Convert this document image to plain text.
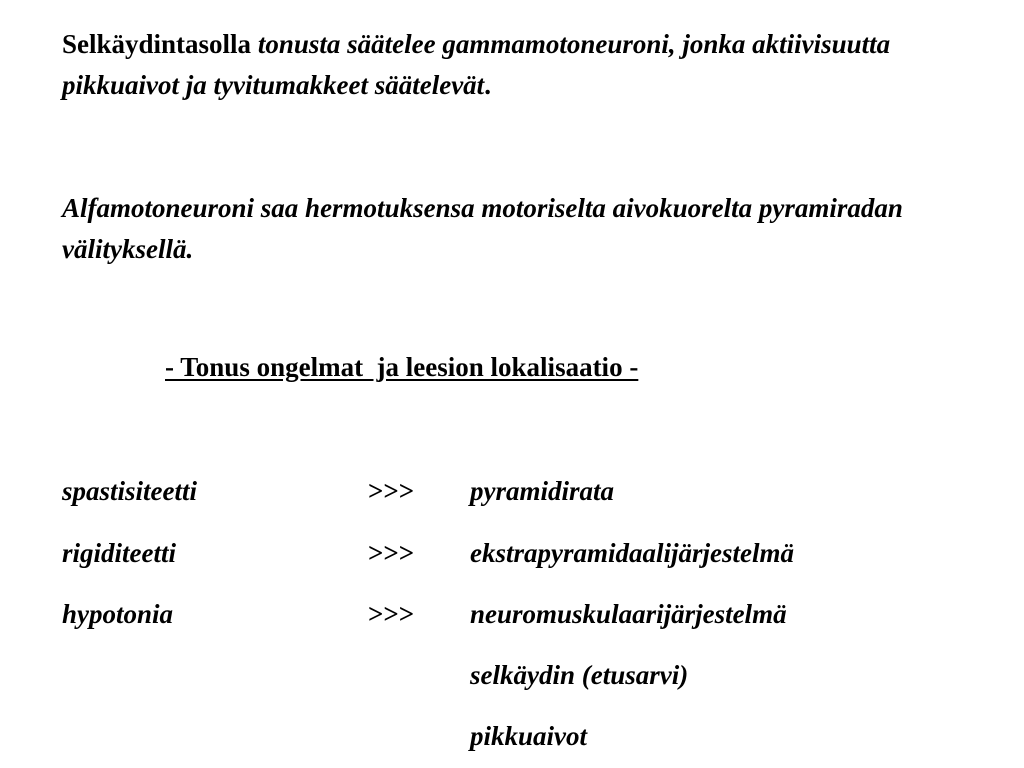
Selkäydintasolla tonusta säätelee gammamotoneuroni, jonka aktiivisuutta pikkuaivot ja tyvitumakkeet säätelevät.
Alfamotoneuroni saa hermotuksensa motoriselta aivokuorelta pyramiradan välityksellä.
- Tonus ongelmat  ja leesion lokalisaatio -
spastisiteetti	>>> pyramidirata
rigiditeetti	>>> ekstrapyramidaalijärjestelmä
hypotonia	>>> neuromuskulaarijärjestelmä
selkäydin (etusarvi)
pikkuaivot
